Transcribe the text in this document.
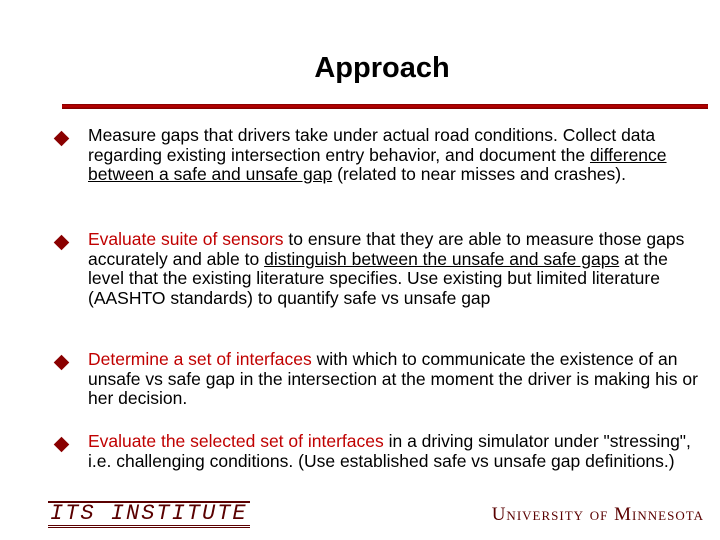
Approach
Measure gaps that drivers take under actual road conditions. Collect data regarding existing intersection entry behavior, and document the difference between a safe and unsafe gap (related to near misses and crashes).
Evaluate suite of sensors to ensure that they are able to measure those gaps accurately and able to distinguish between the unsafe and safe gaps at the level that the existing literature specifies. Use existing but limited literature (AASHTO standards) to quantify safe vs unsafe gap
Determine a set of interfaces with which to communicate the existence of an unsafe vs safe gap in the intersection at the moment the driver is making his or her decision.
Evaluate the selected set of interfaces in a driving simulator under "stressing", i.e. challenging conditions. (Use established safe vs unsafe gap definitions.)
ITS INSTITUTE	University of Minnesota
